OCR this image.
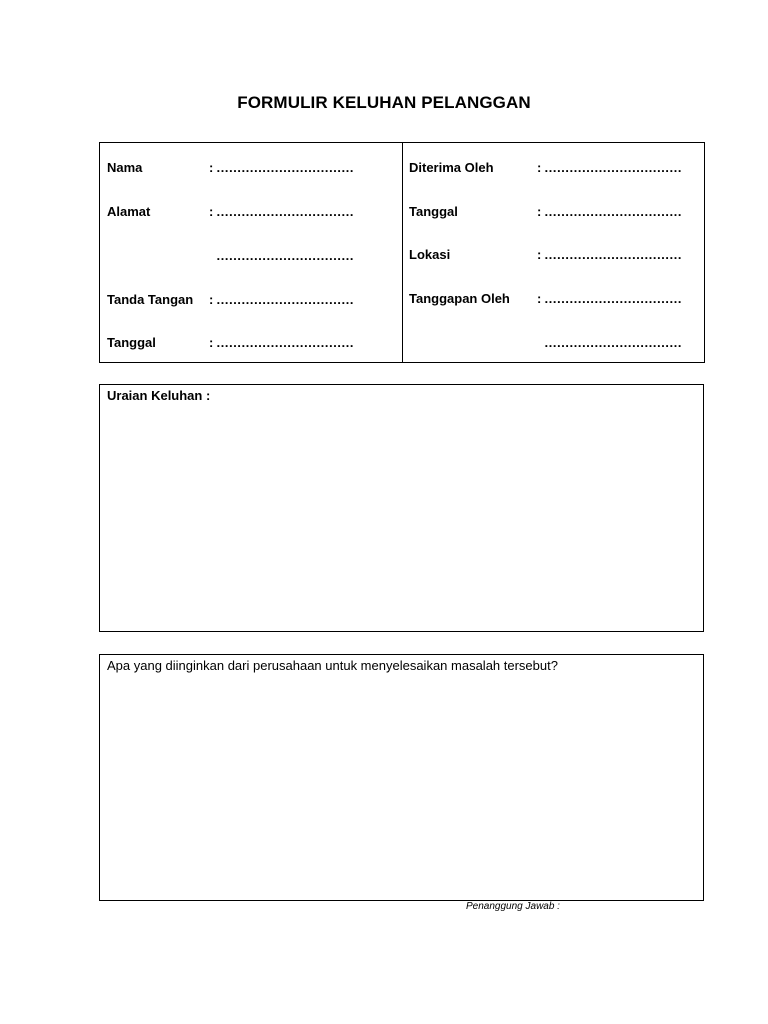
FORMULIR KELUHAN PELANGGAN
Nama	: ……………………………
Alamat	: ……………………………
……………………………
Tanda Tangan : ……………………………
Tanggal	: ……………………………
Diterima Oleh	: ……………………………
Tanggal	: ……………………………
Lokasi	: ……………………………
Tanggapan Oleh : ……………………………
……………………………
Uraian Keluhan :
Apa yang diinginkan dari perusahaan untuk menyelesaikan masalah tersebut?
Penanggung Jawab :
